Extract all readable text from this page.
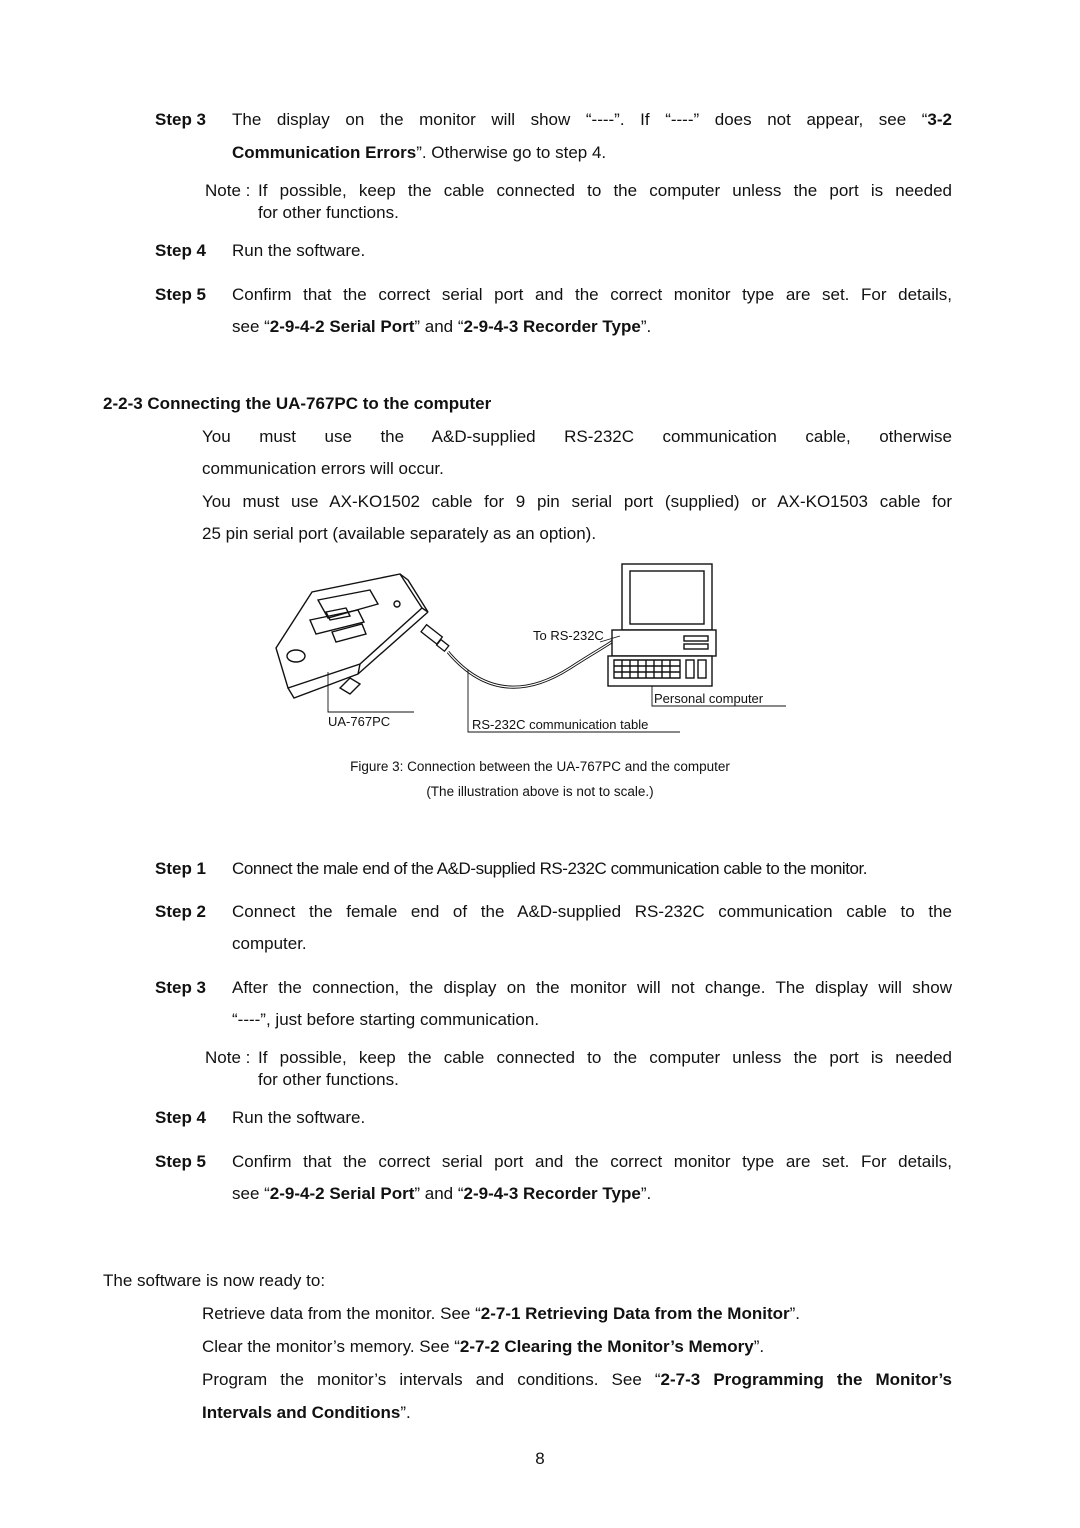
Step 3 The display on the monitor will show “----”. If “----” does not appear, see “3-2
Communication Errors”. Otherwise go to step 4.
Note : If possible, keep the cable connected to the computer unless the port is needed
for other functions.
Step 4 Run the software.
Step 5 Confirm that the correct serial port and the correct monitor type are set. For details,
see “2-9-4-2 Serial Port” and “2-9-4-3 Recorder Type”.
2-2-3 Connecting the UA-767PC to the computer
You must use the A&D-supplied RS-232C communication cable, otherwise
communication errors will occur.
You must use AX-KO1502 cable for 9 pin serial port (supplied) or AX-KO1503 cable for
25 pin serial port (available separately as an option).
To RS-232C
Personal computer
UA-767PC	RS-232C communication table
Figure 3: Connection between the UA-767PC and the computer
(The illustration above is not to scale.)
Step 1 Connect the male end of the A&D-supplied RS-232C communication cable to the monitor.
Step 2 Connect the female end of the A&D-supplied RS-232C communication cable to the
computer.
Step 3 After the connection, the display on the monitor will not change. The display will show
“----”, just before starting communication.
Note : If possible, keep the cable connected to the computer unless the port is needed
for other functions.
Step 4 Run the software.
Step 5 Confirm that the correct serial port and the correct monitor type are set. For details,
see “2-9-4-2 Serial Port” and “2-9-4-3 Recorder Type”.
The software is now ready to:
Retrieve data from the monitor. See “2-7-1 Retrieving Data from the Monitor”.
Clear the monitor’s memory. See “2-7-2 Clearing the Monitor’s Memory”.
Program the monitor’s intervals and conditions. See “2-7-3 Programming the Monitor’s
Intervals and Conditions”.
8
